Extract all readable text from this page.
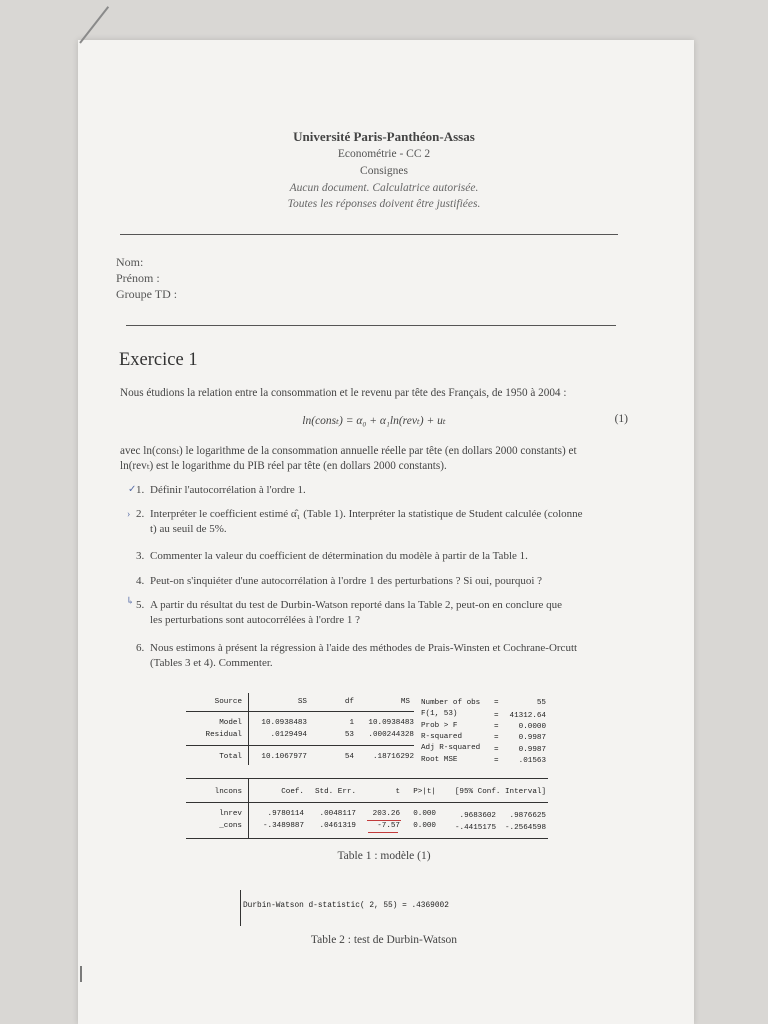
Université Paris-Panthéon-Assas
Econométrie - CC 2
Consignes
Aucun document. Calculatrice autorisée.
Toutes les réponses doivent être justifiées.
Nom:
Prénom :
Groupe TD :
Exercice 1
Nous étudions la relation entre la consommation et le revenu par tête des Français, de 1950 à 2004 :
ln(consₜ) = α₀ + α₁ln(revₜ) + uₜ	(1)
avec ln(consₜ) le logarithme de la consommation annuelle réelle par tête (en dollars 2000 constants) et
ln(revₜ) est le logarithme du PIB réel par tête (en dollars 2000 constants).
✓ 1. Définir l'autocorrélation à l'ordre 1.
› 2. Interpréter le coefficient estimé α̂₁ (Table 1). Interpréter la statistique de Student calculée (colonne
t) au seuil de 5%.
3. Commenter la valeur du coefficient de détermination du modèle à partir de la Table 1.
4. Peut-on s'inquiéter d'une autocorrélation à l'ordre 1 des perturbations ? Si oui, pourquoi ?
↳ 5. A partir du résultat du test de Durbin-Watson reporté dans la Table 2, peut-on en conclure que
les perturbations sont autocorrélées à l'ordre 1 ?
6. Nous estimons à présent la régression à l'aide des méthodes de Prais-Winsten et Cochrane-Orcutt
(Tables 3 et 4). Commenter.
Source	SS	df	MS
Model	10.0938483	1	10.0938483
Residual	.0129494	53	.000244328
Total	10.1067977	54	.18716292
Number of obs =	55
F(1, 53)	=	41312.64
Prob > F	=	0.0000
R-squared	=	0.9987
Adj R-squared =	0.9987
Root MSE	=	.01563
lncons	Coef.	Std. Err.	t	P>|t|	[95% Conf. Interval]
lnrev	.9780114	.0048117	203.26	0.000	.9683602	.9876625
_cons	-.3489887	.0461319	-7.57	0.000	-.4415175	-.2564598
Table 1 : modèle (1)
Durbin-Watson d-statistic( 2, 55) = .4369002
Table 2 : test de Durbin-Watson
